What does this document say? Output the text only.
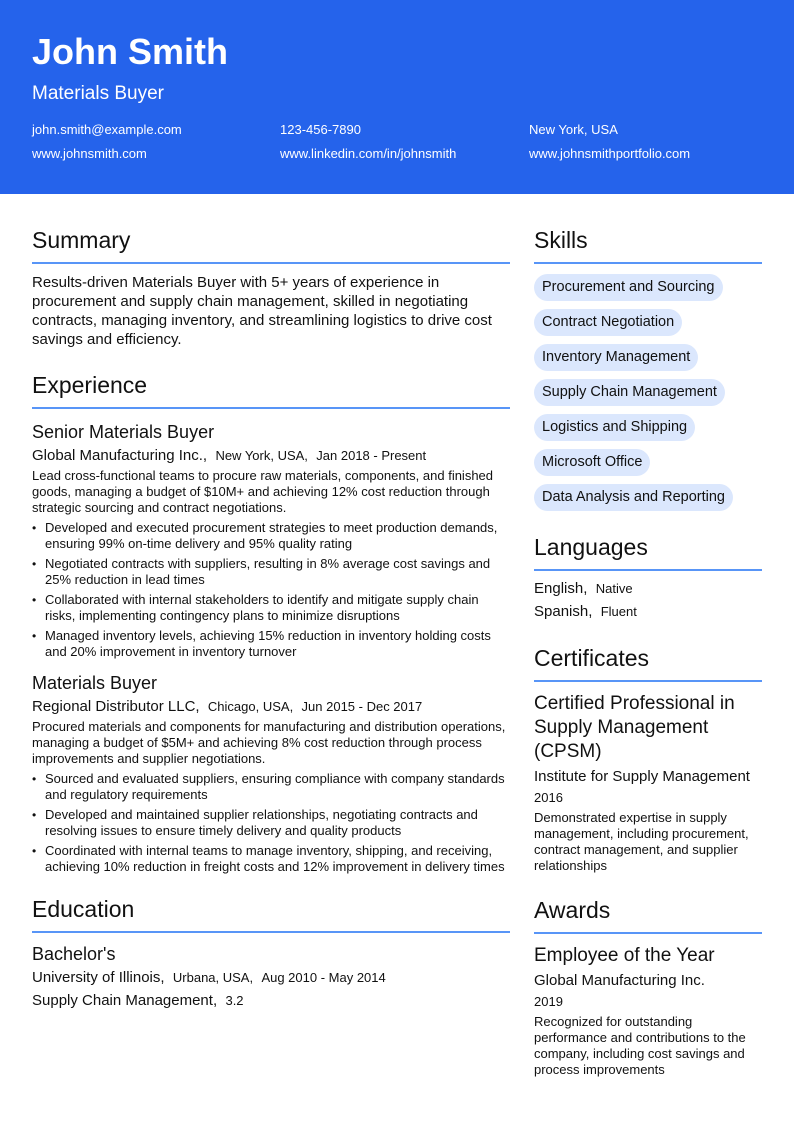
John Smith
Materials Buyer
john.smith@example.com	123-456-7890	New York, USA
www.johnsmith.com	www.linkedin.com/in/johnsmith	www.johnsmithportfolio.com
Summary

Results-driven Materials Buyer with 5+ years of experience in procurement and supply chain management, skilled in negotiating contracts, managing inventory, and streamlining logistics to drive cost savings and efficiency.

Experience
Senior Materials Buyer
Global Manufacturing Inc., New York, USA, Jan 2018 - Present

Lead cross-functional teams to procure raw materials, components, and finished goods, managing a budget of $10M+ and achieving 12% cost reduction through strategic sourcing and contract negotiations.

• Developed and executed procurement strategies to meet production demands, ensuring 99% on-time delivery and 95% quality rating
• Negotiated contracts with suppliers, resulting in 8% average cost savings and 25% reduction in lead times
• Collaborated with internal stakeholders to identify and mitigate supply chain risks, implementing contingency plans to minimize disruptions
• Managed inventory levels, achieving 15% reduction in inventory holding costs and 20% improvement in inventory turnover
Materials Buyer
Regional Distributor LLC, Chicago, USA, Jun 2015 - Dec 2017

Procured materials and components for manufacturing and distribution operations, managing a budget of $5M+ and achieving 8% cost reduction through process improvements and supplier negotiations.

• Sourced and evaluated suppliers, ensuring compliance with company standards and regulatory requirements
• Developed and maintained supplier relationships, negotiating contracts and resolving issues to ensure timely delivery and quality products
• Coordinated with internal teams to manage inventory, shipping, and receiving, achieving 10% reduction in freight costs and 12% improvement in delivery times
Education
Bachelor's
University of Illinois, Urbana, USA, Aug 2010 - May 2014
Supply Chain Management, 3.2
Skills
Procurement and Sourcing
Contract Negotiation
Inventory Management
Supply Chain Management
Logistics and Shipping
Microsoft Office
Data Analysis and Reporting
Languages
English, Native
Spanish, Fluent
Certificates
Certified Professional in Supply Management (CPSM)
Institute for Supply Management
2016

Demonstrated expertise in supply management, including procurement, contract management, and supplier relationships

Awards
Employee of the Year
Global Manufacturing Inc.
2019

Recognized for outstanding performance and contributions to the company, including cost savings and process improvements
